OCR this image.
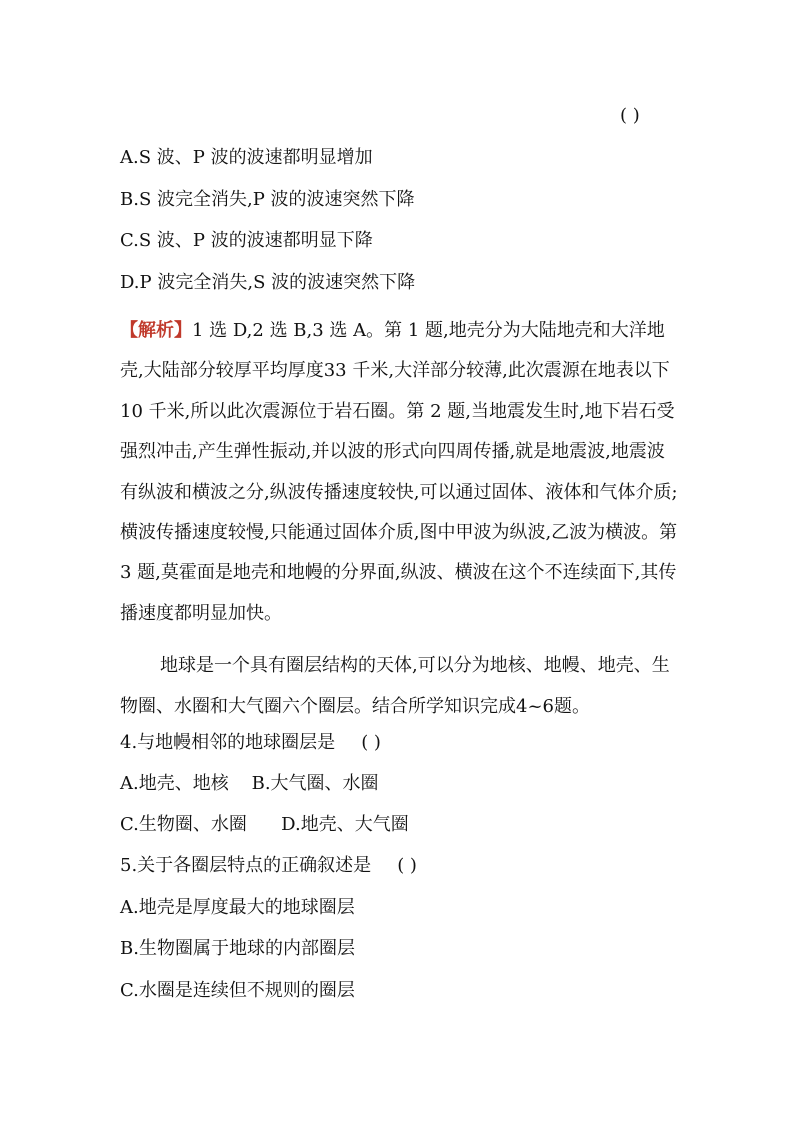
( )
A.S 波、P 波的波速都明显增加
B.S 波完全消失,P 波的波速突然下降
C.S 波、P 波的波速都明显下降
D.P 波完全消失,S 波的波速突然下降
【解析】1 选 D,2 选 B,3 选 A。第 1 题,地壳分为大陆地壳和大洋地壳,大陆部分较厚平均厚度33 千米,大洋部分较薄,此次震源在地表以下10 千米,所以此次震源位于岩石圈。第 2 题,当地震发生时,地下岩石受强烈冲击,产生弹性振动,并以波的形式向四周传播,就是地震波,地震波有纵波和横波之分,纵波传播速度较快,可以通过固体、液体和气体介质;横波传播速度较慢,只能通过固体介质,图中甲波为纵波,乙波为横波。第 3 题,莫霍面是地壳和地幔的分界面,纵波、横波在这个不连续面下,其传播速度都明显加快。
地球是一个具有圈层结构的天体,可以分为地核、地幔、地壳、生物圈、水圈和大气圈六个圈层。结合所学知识完成4~6题。
4.与地幔相邻的地球圈层是 ( )
A.地壳、地核    B.大气圈、水圈
C.生物圈、水圈      D.地壳、大气圈
5.关于各圈层特点的正确叙述是 ( )
A.地壳是厚度最大的地球圈层
B.生物圈属于地球的内部圈层
C.水圈是连续但不规则的圈层
